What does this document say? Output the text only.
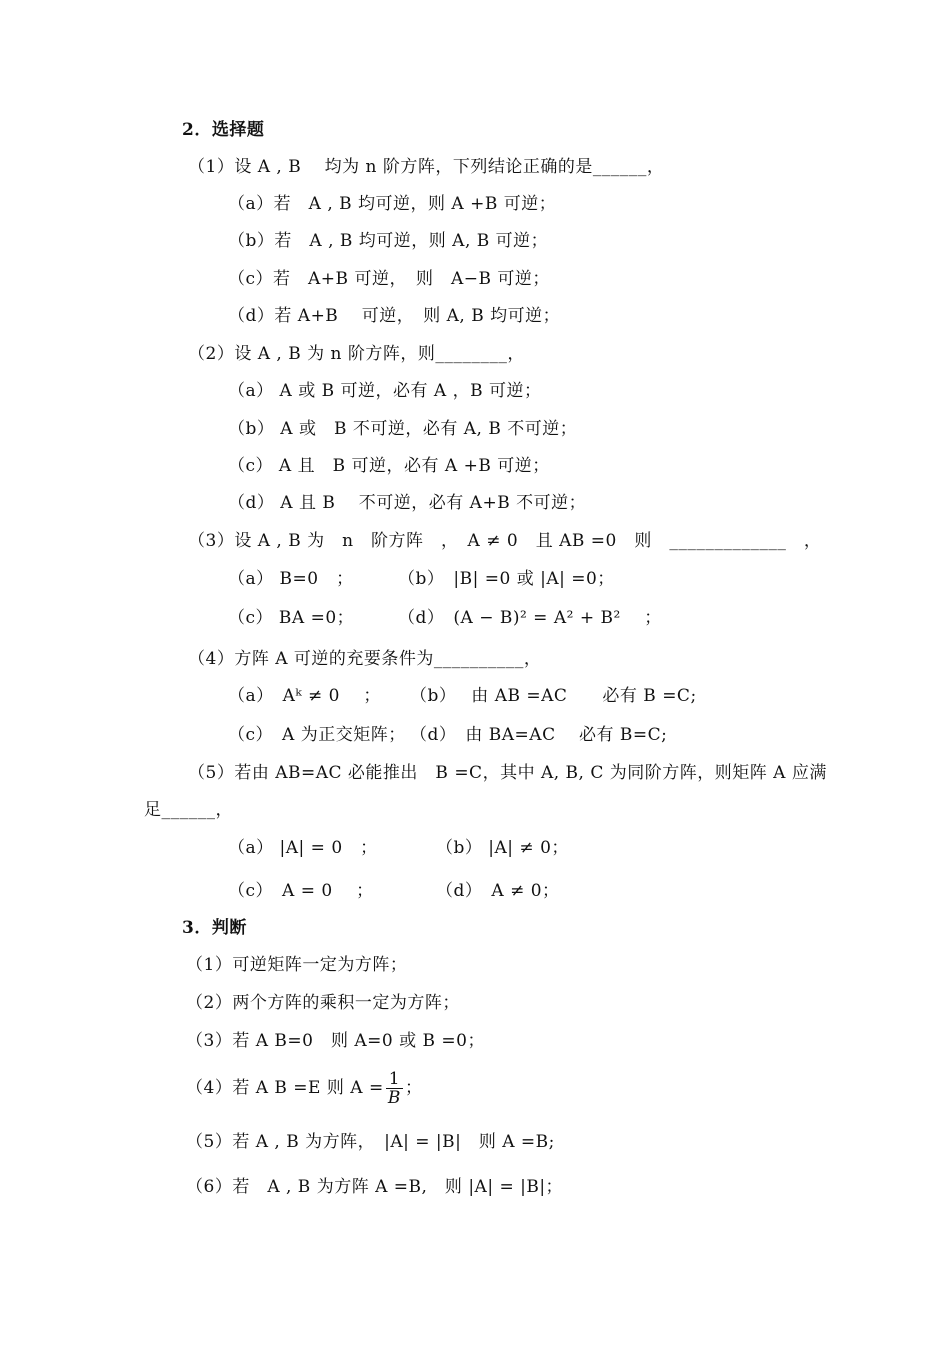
2．选择题
（1）设 A , B　 均为 n 阶方阵，下列结论正确的是______，
（a）若　A , B 均可逆，则 A +B 可逆；
（b）若　A , B 均可逆，则 A, B 可逆；
（c）若　A+B 可逆，　则　A−B 可逆；
（d）若 A+B　 可逆，　则 A, B 均可逆；
（2）设 A , B 为 n 阶方阵，则________，
（a） A 或 B 可逆，必有 A ，B 可逆；
（b） A 或　B 不可逆，必有 A, B 不可逆；
（c） A 且　B 可逆，必有 A +B 可逆；
（d） A 且 B 　不可逆，必有 A+B 不可逆；
（3）设 A , B 为　n　阶方阵　，　A ≠ 0　且 AB =0　则　_____________　，
（a） B=0　；	（b）　|B| =0 或 |A| =0；
（c） BA =0；	（d）　(A − B)² = A² + B²　 ；
（4）方阵 A 可逆的充要条件为__________，
（a）　Aᵏ ≠ 0　 ； （b）　 由 AB =AC　　必有 B =C;
（c）　A 为正交矩阵； （d）　由 BA=AC　 必有 B=C;
（5）若由 AB=AC 必能推出　B =C，其中 A, B, C 为同阶方阵，则矩阵 A 应满
足______，
（a） |A| = 0　；	（b） |A| ≠ 0；
（c）　A = 0　 ；	（d）　A ≠ 0；
3．判断
（1）可逆矩阵一定为方阵；
（2）两个方阵的乘积一定为方阵；
（3）若 A B=0　则 A=0 或 B =0；
（4）若 A B =E 则 $A = \frac{1}{B}$ ；
（5）若 A , B 为方阵，　|A| = |B|　则 A =B;
（6）若　A , B 为方阵 A =B,　则 |A| = |B|；
